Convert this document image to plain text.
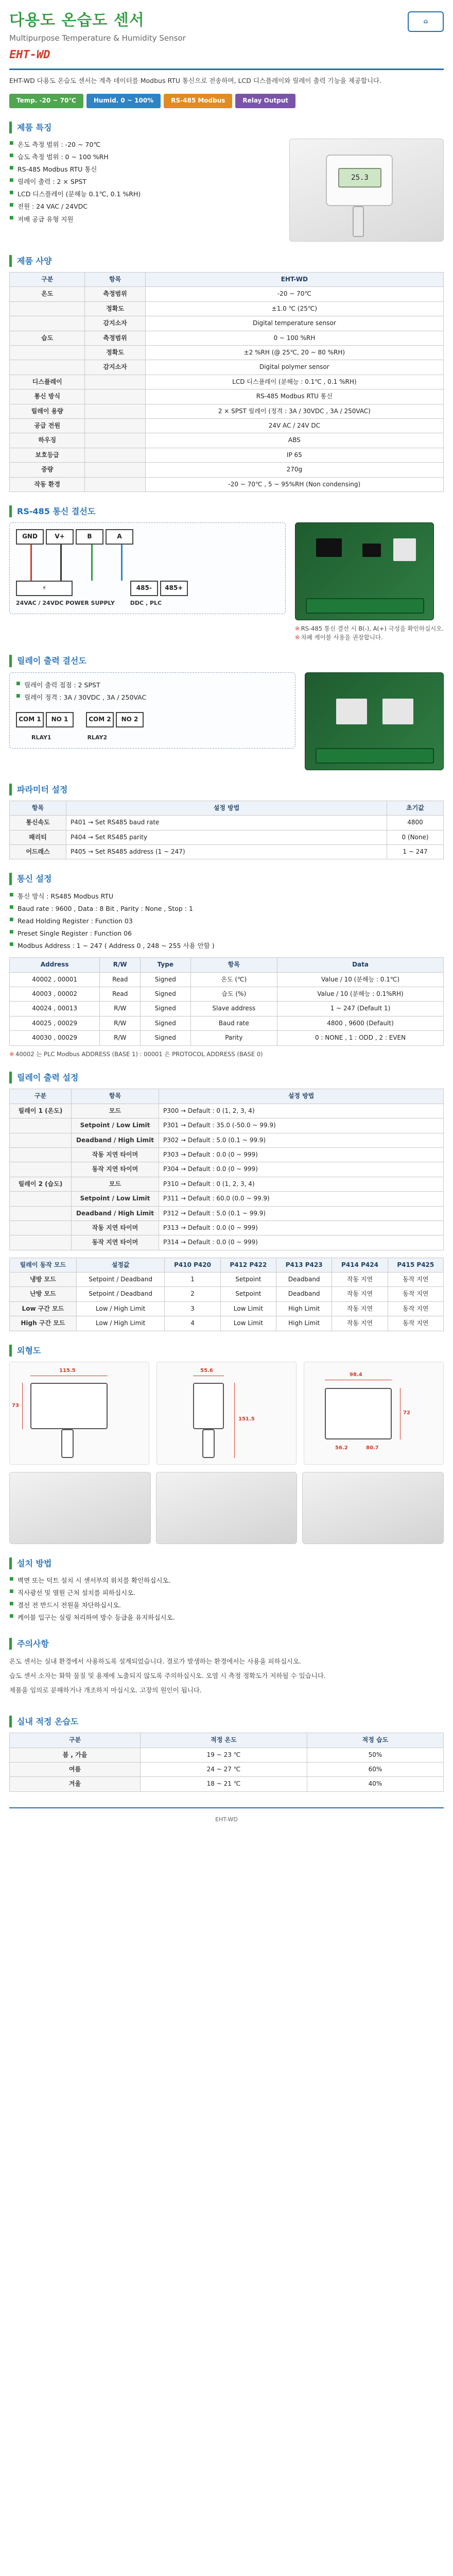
다용도 온습도 센서
Multipurpose Temperature & Humidity Sensor
EHT-WD
⌂
EHT-WD 다용도 온습도 센서는 계측 데이터를 Modbus RTU 통신으로 전송하며, LCD 디스플레이와 릴레이 출력 기능을 제공합니다.
Temp. -20 ~ 70℃	Humid. 0 ~ 100%	RS-485 Modbus	Relay Output
제품 특징
■ 온도 측정 범위 : -20 ~ 70℃
■ 습도 측정 범위 : 0 ~ 100 %RH
■ RS-485 Modbus RTU 통신
■ 릴레이 출력 : 2 × SPST
■ LCD 디스플레이 (분해능 0.1℃, 0.1 %RH)
■ 전원 : 24 VAC / 24VDC
■ 저배 공급 유형 지원
25.3
제품 사양
구분	항목	EHT-WD
온도	측정범위	-20 ~ 70℃
	정확도	±1.0 ℃ (25℃)
	감지소자	Digital temperature sensor
습도	측정범위	0 ~ 100 %RH
	정확도	±2 %RH (@ 25℃, 20 ~ 80 %RH)
	감지소자	Digital polymer sensor
디스플레이		LCD 디스플레이 (분해능 : 0.1℃ , 0.1 %RH)
통신 방식		RS-485 Modbus RTU 통신
릴레이 용량		2 × SPST 릴레이 (정격 : 3A / 30VDC , 3A / 250VAC)
공급 전원		24V AC / 24V DC
하우징		ABS
보호등급		IP 65
중량		270g
작동 환경		-20 ~ 70℃ , 5 ~ 95%RH (Non condensing)
RS-485 통신 결선도
GND	V+	B	A
⚡
24VAC / 24VDC POWER SUPPLY
485-	485+
DDC , PLC
※ RS-485 통신 결선 시 B(-), A(+) 극성을 확인하십시오.
※ 차폐 케이블 사용을 권장합니다.
릴레이 출력 결선도
■ 릴레이 출력 접점 : 2 SPST
■ 릴레이 정격 : 3A / 30VDC , 3A / 250VAC
COM 1	NO 1	COM 2	NO 2
RLAY1	RLAY2
파라미터 설정
항목	설정 방법	초기값
통신속도	P401 → Set RS485 baud rate	4800
패리티	P404 → Set RS485 parity	0 (None)
어드레스	P405 → Set RS485 address (1 ~ 247)	1 ~ 247
통신 설정
■ 통신 방식 : RS485 Modbus RTU
■ Baud rate : 9600 , Data : 8 Bit , Parity : None , Stop : 1
■ Read Holding Register : Function 03
■ Preset Single Register : Function 06
■ Modbus Address : 1 ~ 247 ( Address 0 , 248 ~ 255 사용 안함 )
Address	R/W	Type	항목	Data
40002 , 00001	Read	Signed	온도 (℃)	Value / 10 (분해능 : 0.1℃)
40003 , 00002	Read	Signed	습도 (%)	Value / 10 (분해능 : 0.1%RH)
40024 , 00013	R/W	Signed	Slave address	1 ~ 247 (Default 1)
40025 , 00029	R/W	Signed	Baud rate	4800 , 9600 (Default)
40030 , 00029	R/W	Signed	Parity	0 : NONE , 1 : ODD , 2 : EVEN
※ 40002 는 PLC Modbus ADDRESS (BASE 1) : 00001 은 PROTOCOL ADDRESS (BASE 0)
릴레이 출력 설정
구분	항목	설정 방법
릴레이 1 (온도)	모드	P300 → Default : 0 (1, 2, 3, 4)
	Setpoint / Low Limit	P301 → Default : 35.0 (-50.0 ~ 99.9)
	Deadband / High Limit	P302 → Default : 5.0 (0.1 ~ 99.9)
	작동 지연 타이머	P303 → Default : 0.0 (0 ~ 999)
	동작 지연 타이머	P304 → Default : 0.0 (0 ~ 999)
릴레이 2 (습도)	모드	P310 → Default : 0 (1, 2, 3, 4)
	Setpoint / Low Limit	P311 → Default : 60.0 (0.0 ~ 99.9)
	Deadband / High Limit	P312 → Default : 5.0 (0.1 ~ 99.9)
	작동 지연 타이머	P313 → Default : 0.0 (0 ~ 999)
	동작 지연 타이머	P314 → Default : 0.0 (0 ~ 999)
릴레이 동작 모드	설정값	P410 P420	P412 P422	P413 P423	P414 P424	P415 P425
냉방 모드	Setpoint / Deadband	1	Setpoint	Deadband	작동 지연	동작 지연
난방 모드	Setpoint / Deadband	2	Setpoint	Deadband	작동 지연	동작 지연
Low 구간 모드	Low / High Limit	3	Low Limit	High Limit	작동 지연	동작 지연
High 구간 모드	Low / High Limit	4	Low Limit	High Limit	작동 지연	동작 지연
외형도
115.5
73
55.6
151.5
98.4
72
56.2	80.7
설치 방법
■ 벽면 또는 덕트 설치 시 센서부의 위치를 확인하십시오.
■ 직사광선 및 열원 근처 설치를 피하십시오.
■ 결선 전 반드시 전원을 차단하십시오.
■ 케이블 입구는 실링 처리하여 방수 등급을 유지하십시오.
주의사항

온도 센서는 실내 환경에서 사용하도록 설계되었습니다. 결로가 발생하는 환경에서는 사용을 피하십시오.

습도 센서 소자는 화학 물질 및 용제에 노출되지 않도록 주의하십시오. 오염 시 측정 정확도가 저하될 수 있습니다.

제품을 임의로 분해하거나 개조하지 마십시오. 고장의 원인이 됩니다.

실내 적정 온습도
구분	적정 온도	적정 습도
봄 , 가을	19 ~ 23 ℃	50%
여름	24 ~ 27 ℃	60%
겨울	18 ~ 21 ℃	40%
EHT-WD
